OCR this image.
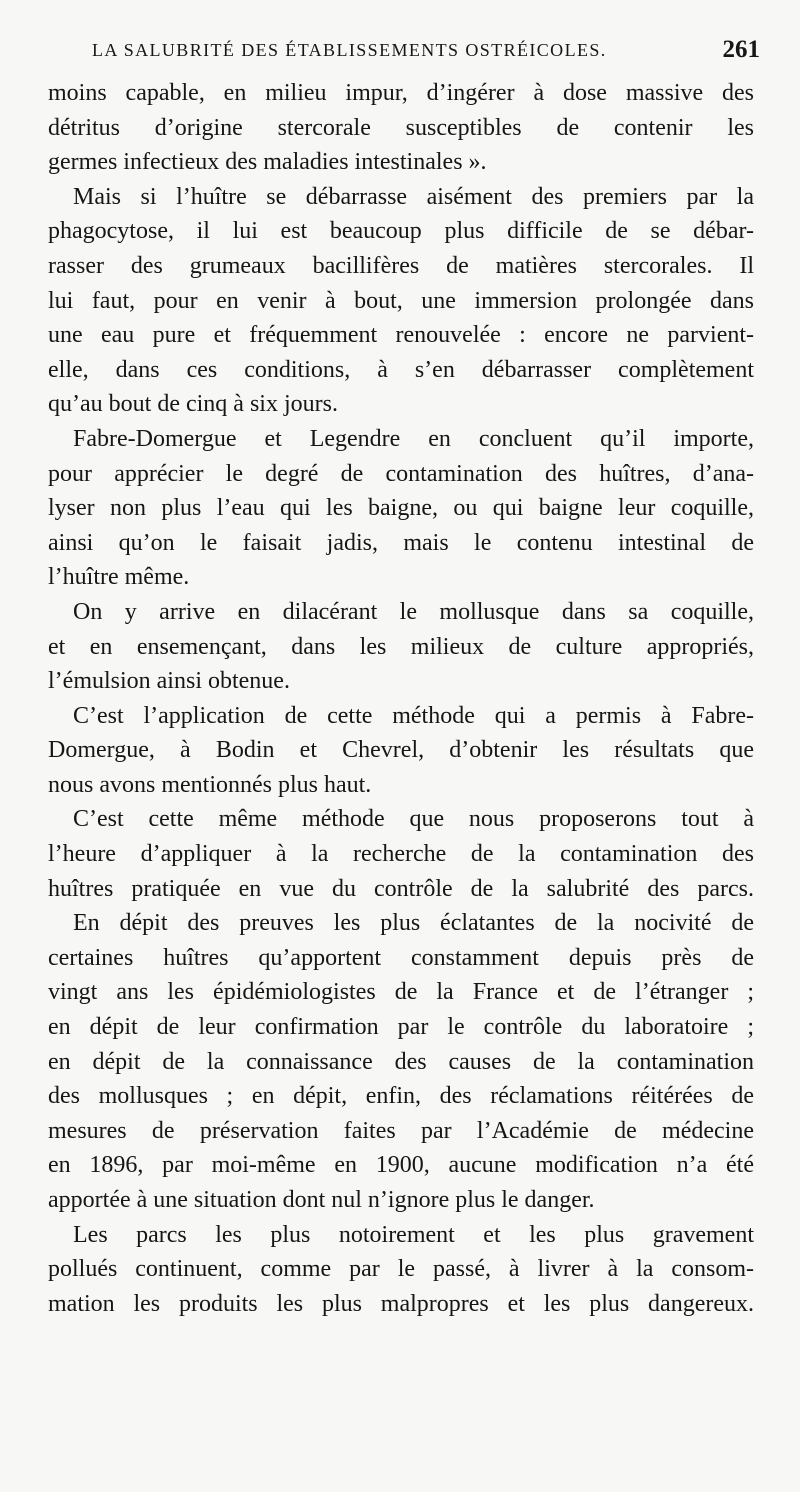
LA SALUBRITÉ DES ÉTABLISSEMENTS OSTRÉICOLES.	261
moins capable, en milieu impur, d’ingérer à dose massive des
détritus d’origine stercorale susceptibles de contenir les
germes infectieux des maladies intestinales ».
Mais si l’huître se débarrasse aisément des premiers par la
phagocytose, il lui est beaucoup plus difficile de se débar-
rasser des grumeaux bacillifères de matières stercorales. Il
lui faut, pour en venir à bout, une immersion prolongée dans
une eau pure et fréquemment renouvelée : encore ne parvient-
elle, dans ces conditions, à s’en débarrasser complètement
qu’au bout de cinq à six jours.
Fabre-Domergue et Legendre en concluent qu’il importe,
pour apprécier le degré de contamination des huîtres, d’ana-
lyser non plus l’eau qui les baigne, ou qui baigne leur coquille,
ainsi qu’on le faisait jadis, mais le contenu intestinal de
l’huître même.
On y arrive en dilacérant le mollusque dans sa coquille,
et en ensemençant, dans les milieux de culture appropriés,
l’émulsion ainsi obtenue.
C’est l’application de cette méthode qui a permis à Fabre-
Domergue, à Bodin et Chevrel, d’obtenir les résultats que
nous avons mentionnés plus haut.
C’est cette même méthode que nous proposerons tout à
l’heure d’appliquer à la recherche de la contamination des
huîtres pratiquée en vue du contrôle de la salubrité des parcs.
En dépit des preuves les plus éclatantes de la nocivité de
certaines huîtres qu’apportent constamment depuis près de
vingt ans les épidémiologistes de la France et de l’étranger ;
en dépit de leur confirmation par le contrôle du laboratoire ;
en dépit de la connaissance des causes de la contamination
des mollusques ; en dépit, enfin, des réclamations réitérées de
mesures de préservation faites par l’Académie de médecine
en 1896, par moi-même en 1900, aucune modification n’a été
apportée à une situation dont nul n’ignore plus le danger.
Les parcs les plus notoirement et les plus gravement
pollués continuent, comme par le passé, à livrer à la consom-
mation les produits les plus malpropres et les plus dangereux.
